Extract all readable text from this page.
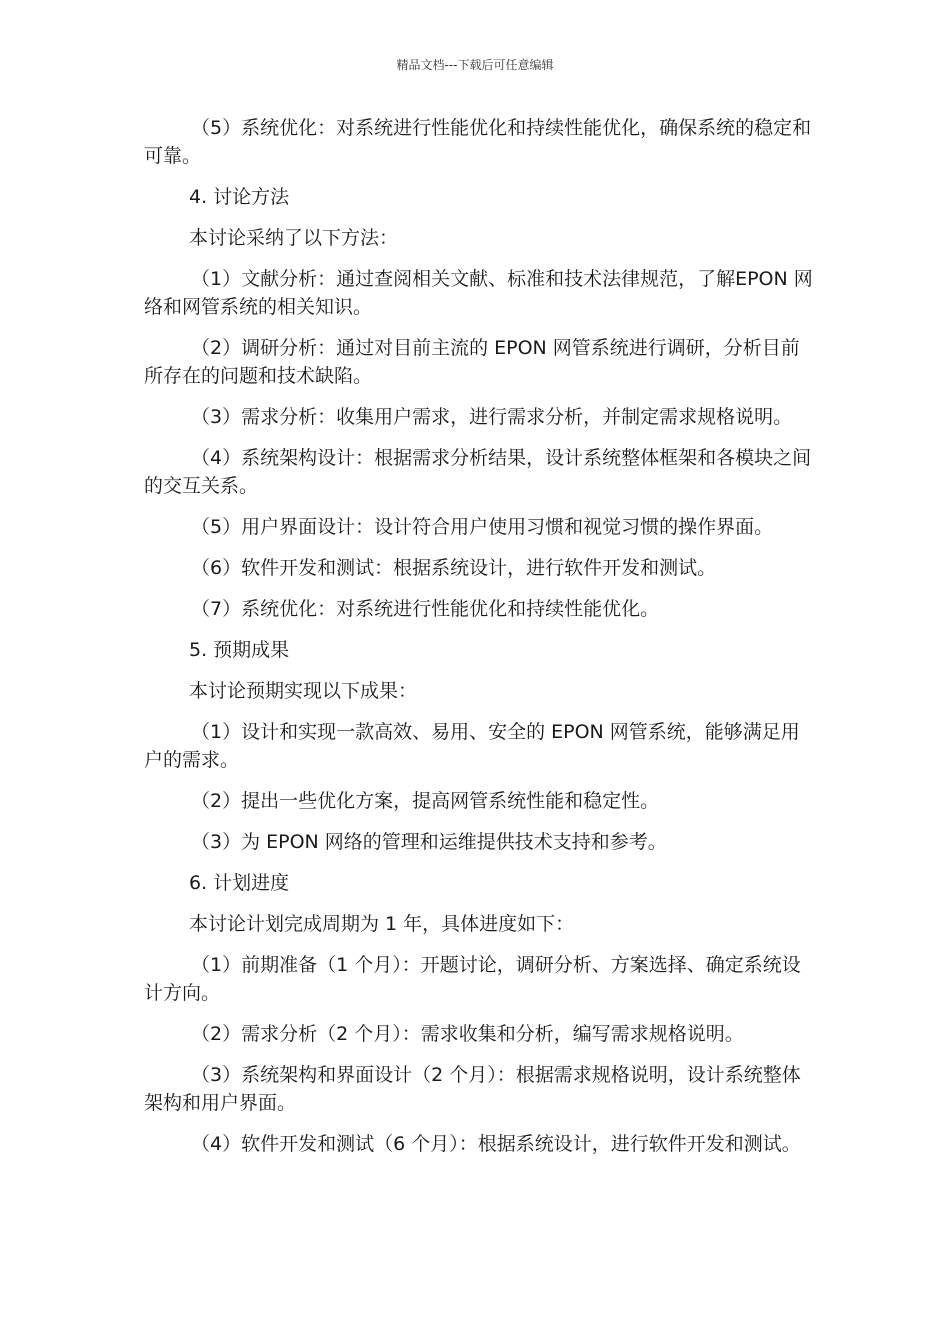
精品文档---下载后可任意编辑

（5）系统优化：对系统进行性能优化和持续性能优化，确保系统的稳定和可靠。

4. 讨论方法

本讨论采纳了以下方法：

（1）文献分析：通过查阅相关文献、标准和技术法律规范，了解EPON 网络和网管系统的相关知识。

（2）调研分析：通过对目前主流的 EPON 网管系统进行调研，分析目前所存在的问题和技术缺陷。

（3）需求分析：收集用户需求，进行需求分析，并制定需求规格说明。

（4）系统架构设计：根据需求分析结果，设计系统整体框架和各模块之间的交互关系。

（5）用户界面设计：设计符合用户使用习惯和视觉习惯的操作界面。

（6）软件开发和测试：根据系统设计，进行软件开发和测试。

（7）系统优化：对系统进行性能优化和持续性能优化。

5. 预期成果

本讨论预期实现以下成果：

（1）设计和实现一款高效、易用、安全的 EPON 网管系统，能够满足用户的需求。

（2）提出一些优化方案，提高网管系统性能和稳定性。

（3）为 EPON 网络的管理和运维提供技术支持和参考。

6. 计划进度

本讨论计划完成周期为 1 年，具体进度如下：

（1）前期准备（1 个月）：开题讨论，调研分析、方案选择、确定系统设计方向。

（2）需求分析（2 个月）：需求收集和分析，编写需求规格说明。

（3）系统架构和界面设计（2 个月）：根据需求规格说明，设计系统整体架构和用户界面。

（4）软件开发和测试（6 个月）：根据系统设计，进行软件开发和测试。
